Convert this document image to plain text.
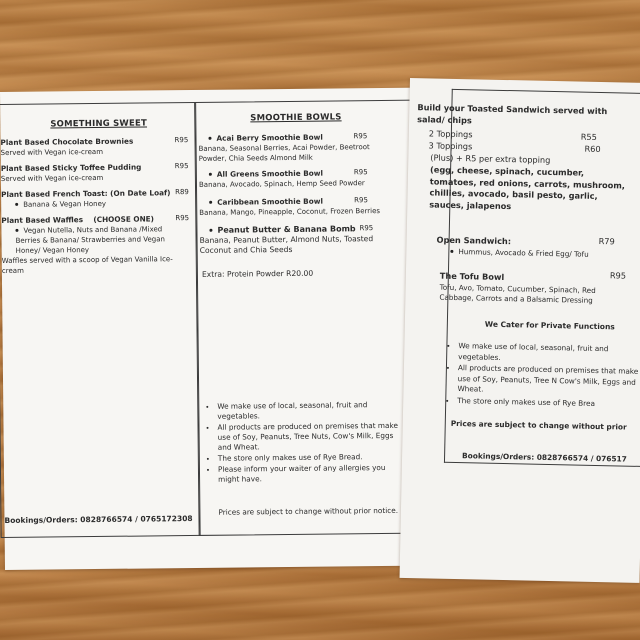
SOMETHING SWEET
Plant Based Chocolate Brownies
Served with Vegan ice-cream
R95
Plant Based Sticky Toffee Pudding
Served with Vegan ice-cream
R95
Plant Based French Toast: (On Date Loaf)
Banana & Vegan Honey
R89
Plant Based Waffles (CHOOSE ONE)
Vegan Nutella, Nuts and Banana /Mixed Berries & Banana/ Strawberries and Vegan Honey/ Vegan Honey
Waffles served with a scoop of Vegan Vanilla Ice-cream
R95
Bookings/Orders: 0828766574 / 0765172308
SMOOTHIE BOWLS
Acai Berry Smoothie Bowl
Banana, Seasonal Berries, Acai Powder, Beetroot Powder, Chia Seeds Almond Milk
R95
All Greens Smoothie Bowl
Banana, Avocado, Spinach, Hemp Seed Powder
R95
Caribbean Smoothie Bowl
Banana, Mango, Pineapple, Coconut, Frozen Berries
R95
Peanut Butter & Banana Bomb
Banana, Peanut Butter, Almond Nuts, Toasted Coconut and Chia Seeds
R95
Extra: Protein Powder R20.00
• We make use of local, seasonal, fruit and vegetables.
• All products are produced on premises that make use of Soy, Peanuts, Tree Nuts, Cow's Milk, Eggs and Wheat.
• The store only makes use of Rye Bread.
• Please inform your waiter of any allergies you might have.
Prices are subject to change without prior notice.
Build your Toasted Sandwich served with salad/ chips
2 Toppings	R55
3 Toppings	R60
(Plus) + R5 per extra topping
(egg, cheese, spinach, cucumber, tomatoes, red onions, carrots, mushroom, chillies, avocado, basil pesto, garlic, sauces, jalapenos
Open Sandwich:	R79
Hummus, Avocado & Fried Egg/ Tofu
The Tofu Bowl	R95
Tofu, Avo, Tomato, Cucumber, Spinach, Red Cabbage, Carrots and a Balsamic Dressing
We Cater for Private Functions
• We make use of local, seasonal, fruit and vegetables.
• All products are produced on premises that make use of Soy, Peanuts, Tree N Cow's Milk, Eggs and Wheat.
• The store only makes use of Rye Brea
Prices are subject to change without prior
Bookings/Orders: 0828766574 / 076517
